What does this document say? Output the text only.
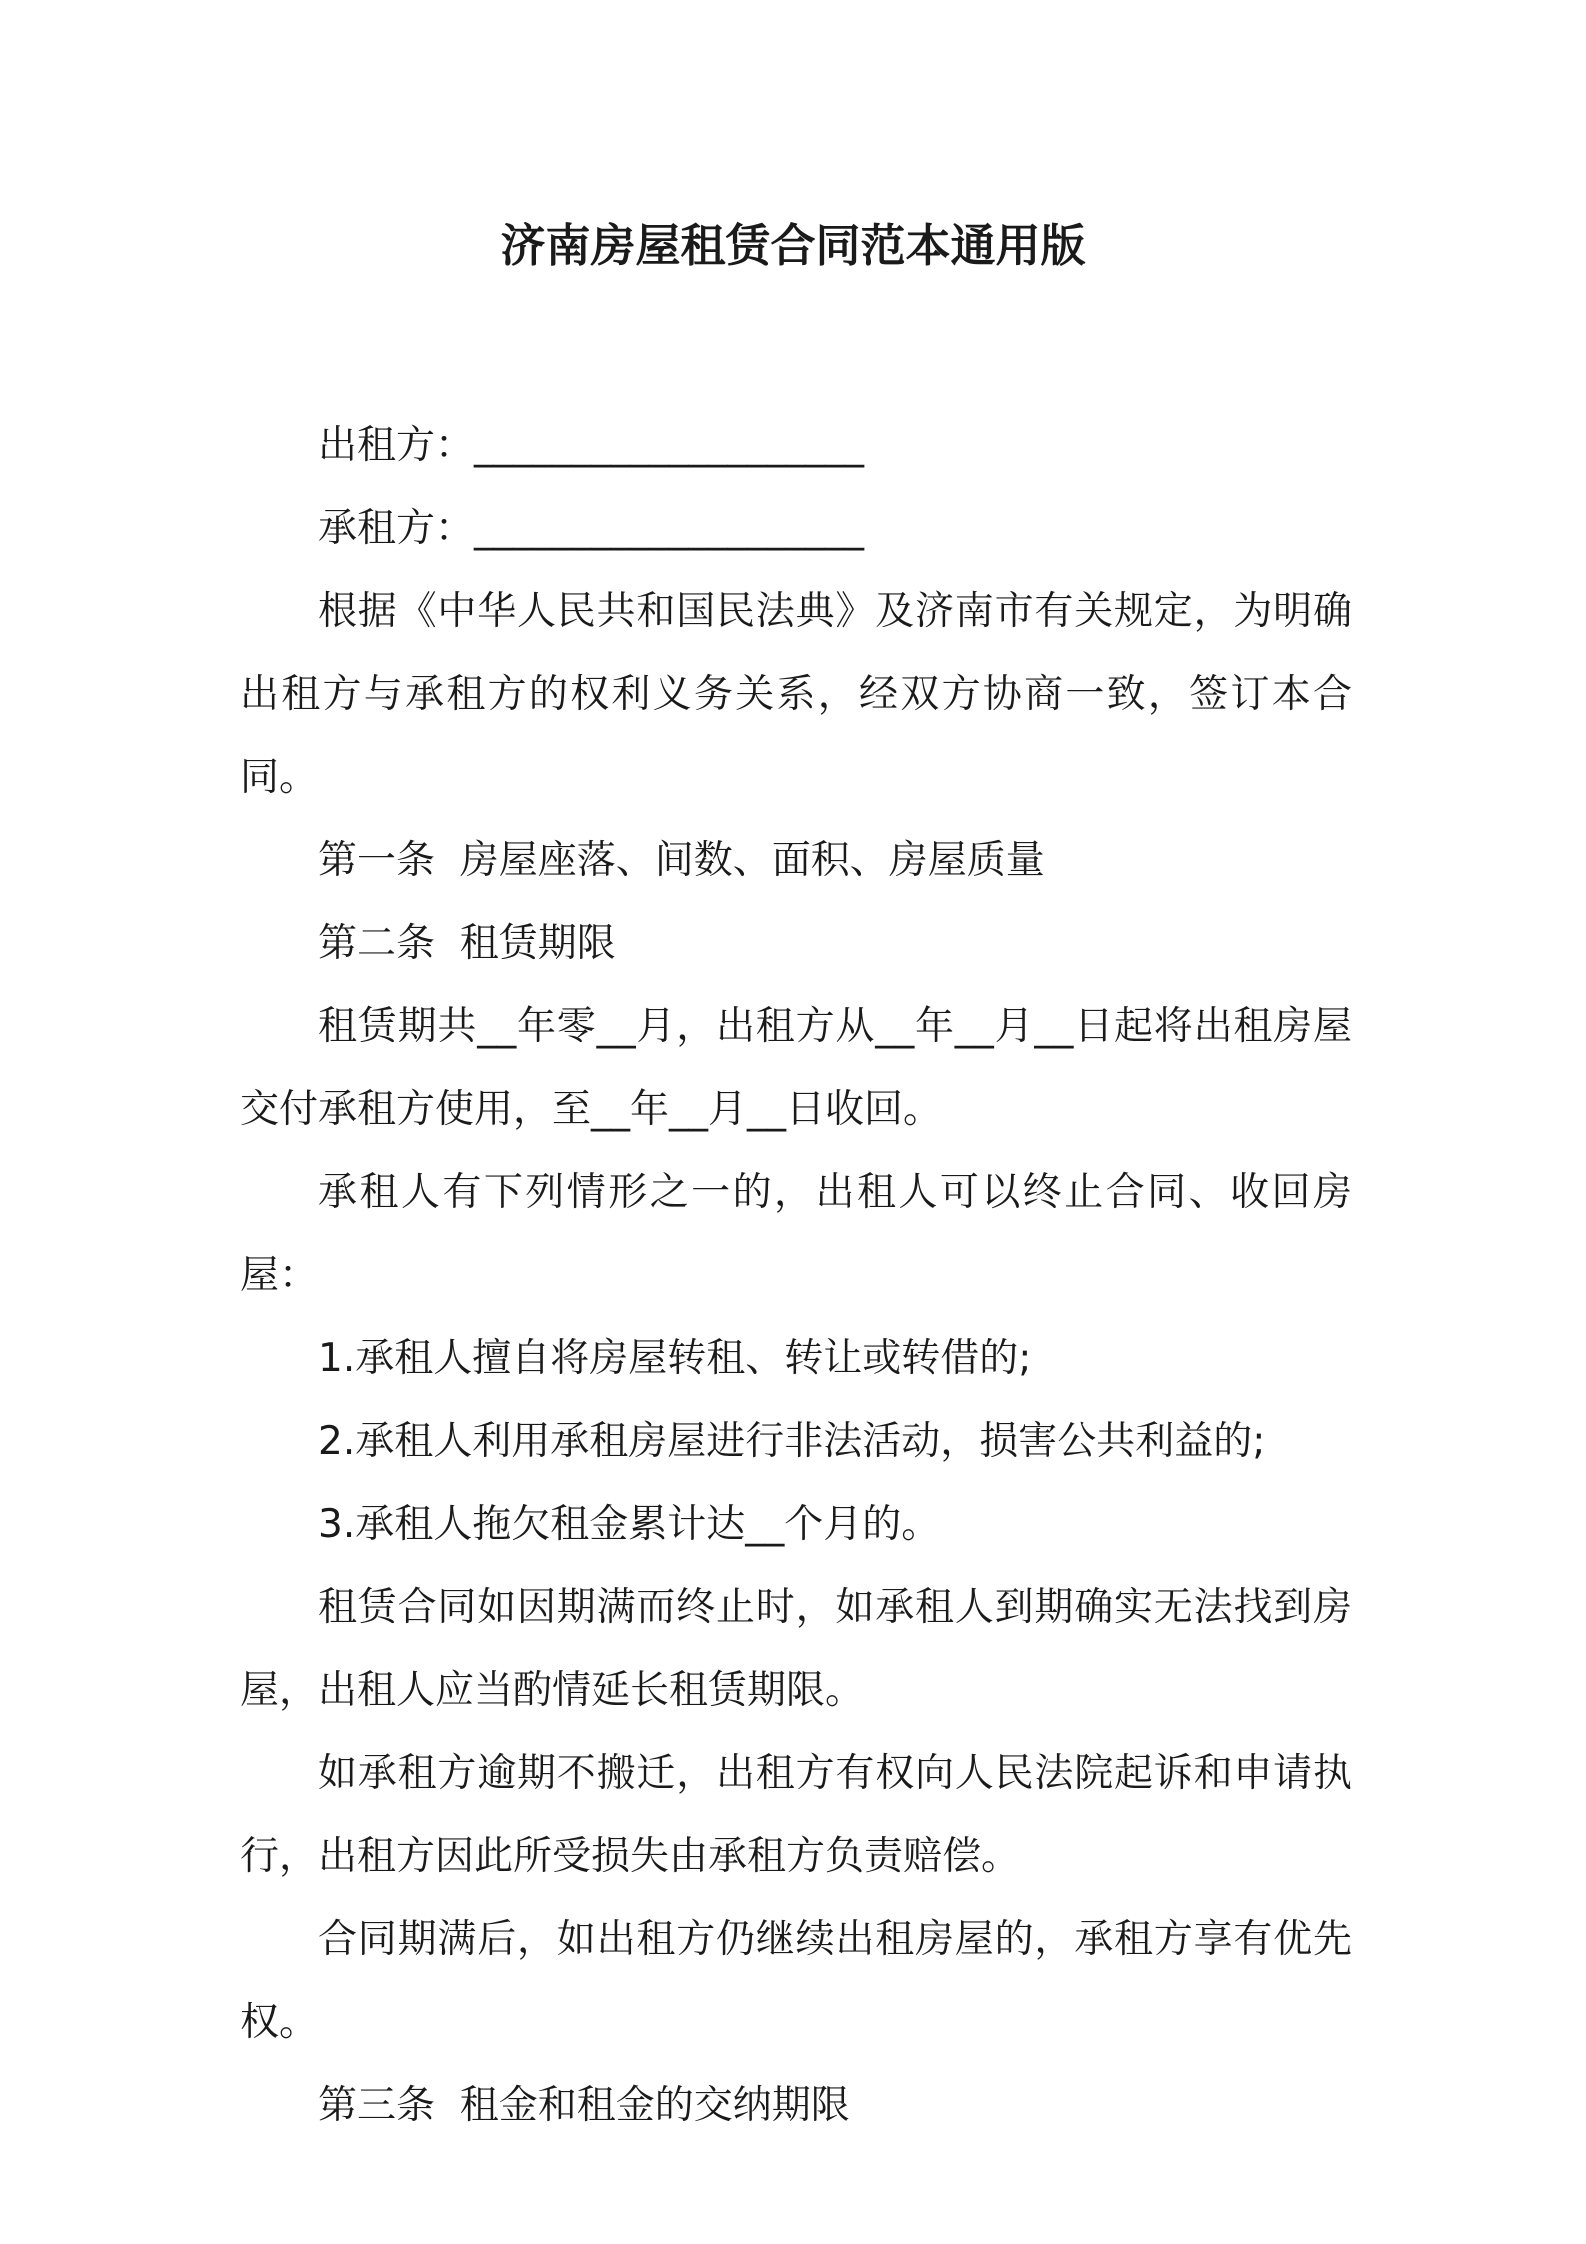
济南房屋租赁合同范本通用版

出租方：____________________

承租方：____________________

根据《中华人民共和国民法典》及济南市有关规定，为明确出租方与承租方的权利义务关系，经双方协商一致，签订本合同。

第一条  房屋座落、间数、面积、房屋质量

第二条  租赁期限

租赁期共__年零__月，出租方从__年__月__日起将出租房屋交付承租方使用，至__年__月__日收回。

承租人有下列情形之一的，出租人可以终止合同、收回房屋：

1.承租人擅自将房屋转租、转让或转借的;

2.承租人利用承租房屋进行非法活动，损害公共利益的;

3.承租人拖欠租金累计达__个月的。

租赁合同如因期满而终止时，如承租人到期确实无法找到房屋，出租人应当酌情延长租赁期限。

如承租方逾期不搬迁，出租方有权向人民法院起诉和申请执行，出租方因此所受损失由承租方负责赔偿。

合同期满后，如出租方仍继续出租房屋的，承租方享有优先权。

第三条  租金和租金的交纳期限
